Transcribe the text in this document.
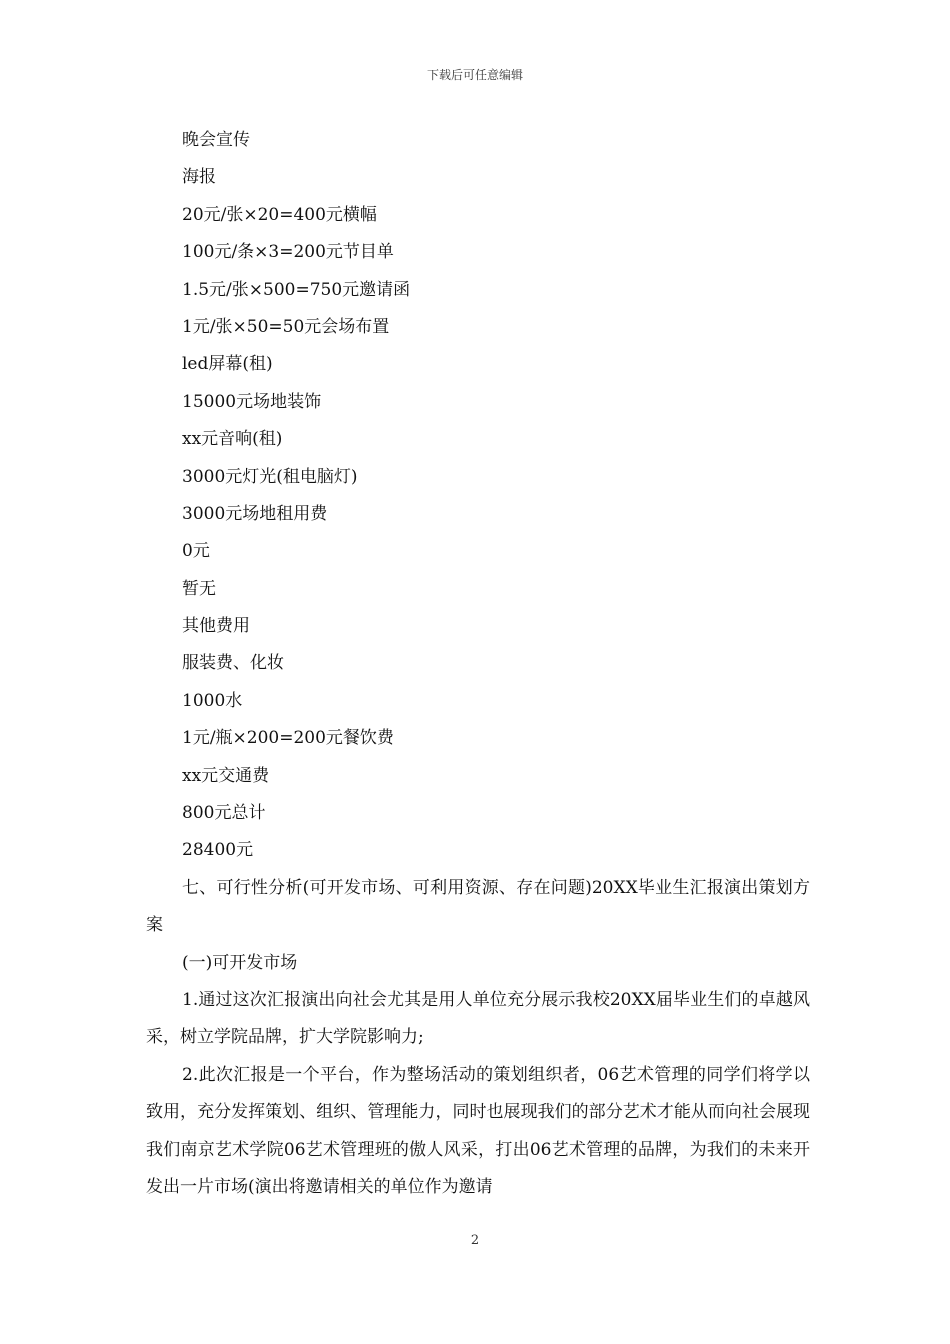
下载后可任意编辑
晚会宣传
海报
20元/张×20=400元横幅
100元/条×3=200元节目单
1.5元/张×500=750元邀请函
1元/张×50=50元会场布置
led屏幕(租)
15000元场地装饰
xx元音响(租)
3000元灯光(租电脑灯)
3000元场地租用费
0元
暂无
其他费用
服装费、化妆
1000水
1元/瓶×200=200元餐饮费
xx元交通费
800元总计
28400元

七、可行性分析(可开发市场、可利用资源、存在问题)20XX毕业生汇报演出策划方案

(一)可开发市场

1.通过这次汇报演出向社会尤其是用人单位充分展示我校20XX届毕业生们的卓越风采，树立学院品牌，扩大学院影响力;

2.此次汇报是一个平台，作为整场活动的策划组织者，06艺术管理的同学们将学以致用，充分发挥策划、组织、管理能力，同时也展现我们的部分艺术才能从而向社会展现我们南京艺术学院06艺术管理班的傲人风采，打出06艺术管理的品牌，为我们的未来开发出一片市场(演出将邀请相关的单位作为邀请

2
